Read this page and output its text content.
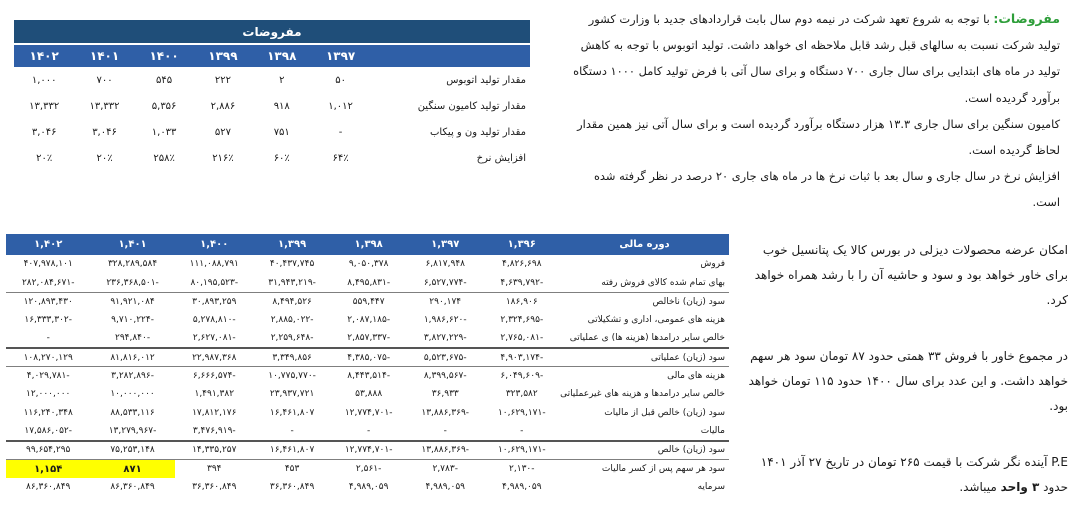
مفروضات						
	۱۳۹۷	۱۳۹۸	۱۳۹۹	۱۴۰۰	۱۴۰۱	۱۴۰۲
مقدار تولید اتوبوس	۵۰	۲	۲۲۲	۵۴۵	۷۰۰	۱,۰۰۰
مقدار تولید کامیون سنگین	۱,۰۱۲	۹۱۸	۲,۸۸۶	۵,۳۵۶	۱۳,۳۳۲	۱۳,۳۳۲
مقدار تولید ون و پیکاب	-	۷۵۱	۵۲۷	۱,۰۳۳	۳,۰۴۶	۳,۰۴۶
افزایش نرخ	۶۴٪	۶۰٪	۲۱۶٪	۲۵۸٪	۲۰٪	۲۰٪
مفروضات: با توجه به شروع تعهد شرکت در نیمه دوم سال بابت قراردادهای جدید با وزارت کشور تولید شرکت نسبت به سالهای قبل رشد قابل ملاحظه ای خواهد داشت. تولید اتوبوس با توجه به کاهش تولید در ماه های ابتدایی برای سال جاری ۷۰۰ دستگاه و برای سال آتی با فرض تولید کامل ۱۰۰۰ دستگاه برآورد گردیده است.
کامیون سنگین برای سال جاری ۱۳.۳ هزار دستگاه برآورد گردیده است و برای سال آتی نیز همین مقدار لحاظ گردیده است.
افزایش نرخ در سال جاری و سال بعد با ثبات نرخ ها در ماه های جاری ۲۰ درصد در نظر گرفته شده است.
دوره مالی	۱,۳۹۶	۱,۳۹۷	۱,۳۹۸	۱,۳۹۹	۱,۴۰۰	۱,۴۰۱	۱,۴۰۲
فروش	۴,۸۲۶,۶۹۸	۶,۸۱۷,۹۴۸	۹,۰۵۰,۳۷۸	۴۰,۴۳۷,۷۴۵	۱۱۱,۰۸۸,۷۹۱	۳۲۸,۲۸۹,۵۸۴	۴۰۷,۹۷۸,۱۰۱
بهای تمام شده کالای فروش رفته	-۴,۶۳۹,۷۹۲	-۶,۵۲۷,۷۷۴	-۸,۴۹۵,۸۳۱	-۳۱,۹۴۳,۲۱۹	-۸۰,۱۹۵,۵۲۳	-۲۳۶,۳۶۸,۵۰۱	-۲۸۲,۰۸۴,۶۷۱
سود (زیان) ناخالص	۱۸۶,۹۰۶	۲۹۰,۱۷۴	۵۵۹,۴۴۷	۸,۴۹۴,۵۲۶	۳۰,۸۹۳,۲۵۹	۹۱,۹۲۱,۰۸۴	۱۲۰,۸۹۳,۴۳۰
هزینه های عمومی، اداری و تشکیلاتی	-۲,۳۲۴,۶۹۵	-۱,۹۸۶,۶۲۰	-۲,۰۸۷,۱۸۵	-۲,۸۸۵,۰۲۲	-۵,۲۷۸,۸۱۰	-۹,۷۱۰,۲۲۴	-۱۶,۳۳۳,۳۰۲
خالص سایر درامدها (هزینه ها) ی عملیاتی	-۲,۷۶۵,۰۸۱	-۳,۸۲۷,۲۲۹	-۲,۸۵۷,۳۳۷	-۲,۲۵۹,۶۴۸	-۲,۶۲۷,۰۸۱	-۲۹۴,۸۴۰	-
سود (زیان) عملیاتی	-۴,۹۰۳,۱۷۴	-۵,۵۲۳,۶۷۵	-۴,۳۸۵,۰۷۵	۳,۳۴۹,۸۵۶	۲۲,۹۸۷,۳۶۸	۸۱,۸۱۶,۰۱۲	۱۰۸,۲۷۰,۱۲۹
هزینه های مالی	-۶,۰۴۹,۶۰۹	-۸,۳۹۹,۵۶۷	-۸,۴۴۳,۵۱۴	-۱۰,۷۷۵,۷۷۰	-۶,۶۶۶,۵۷۴	-۳,۲۸۲,۸۹۶	-۴,۰۲۹,۷۸۱
خالص سایر درامدها و هزینه های غیرعملیاتی	۳۲۳,۵۸۲	۳۶,۹۳۳	۵۳,۸۸۸	۲۳,۹۳۷,۷۲۱	۱,۴۹۱,۳۸۲	۱۰,۰۰۰,۰۰۰	۱۲,۰۰۰,۰۰۰
سود (زیان) خالص قبل از مالیات	-۱۰,۶۲۹,۱۷۱	-۱۳,۸۸۶,۳۶۹	-۱۲,۷۷۴,۷۰۱	۱۶,۴۶۱,۸۰۷	۱۷,۸۱۲,۱۷۶	۸۸,۵۳۳,۱۱۶	۱۱۶,۲۴۰,۳۴۸
مالیات	-	-	-	-	-۳,۴۷۶,۹۱۹	-۱۳,۲۷۹,۹۶۷	-۱۷,۵۸۶,۰۵۲
سود (زیان) خالص	-۱۰,۶۲۹,۱۷۱	-۱۳,۸۸۶,۳۶۹	-۱۲,۷۷۴,۷۰۱	۱۶,۴۶۱,۸۰۷	۱۴,۳۳۵,۲۵۷	۷۵,۲۵۳,۱۴۸	۹۹,۶۵۴,۲۹۵
سود هر سهم پس از کسر مالیات	-۲,۱۳۰	-۲,۷۸۳	-۲,۵۶۱	۴۵۳	۳۹۴	۸۷۱	۱,۱۵۴
سرمایه	۴,۹۸۹,۰۵۹	۴,۹۸۹,۰۵۹	۴,۹۸۹,۰۵۹	۳۶,۳۶۰,۸۴۹	۳۶,۳۶۰,۸۴۹	۸۶,۳۶۰,۸۴۹	۸۶,۳۶۰,۸۴۹
امکان عرضه محصولات دیزلی در بورس کالا یک پتانسیل خوب برای خاور خواهد بود و سود و حاشیه آن را با رشد همراه خواهد کرد.
در مجموع خاور با فروش ۳۳ همتی حدود ۸۷ تومان سود هر سهم خواهد داشت. و این عدد برای سال ۱۴۰۰ حدود ۱۱۵ تومان خواهد بود.
P.E آینده نگر شرکت با قیمت ۲۶۵ تومان در تاریخ ۲۷ آذر ۱۴۰۱ حدود ۳ واحد میباشد.
